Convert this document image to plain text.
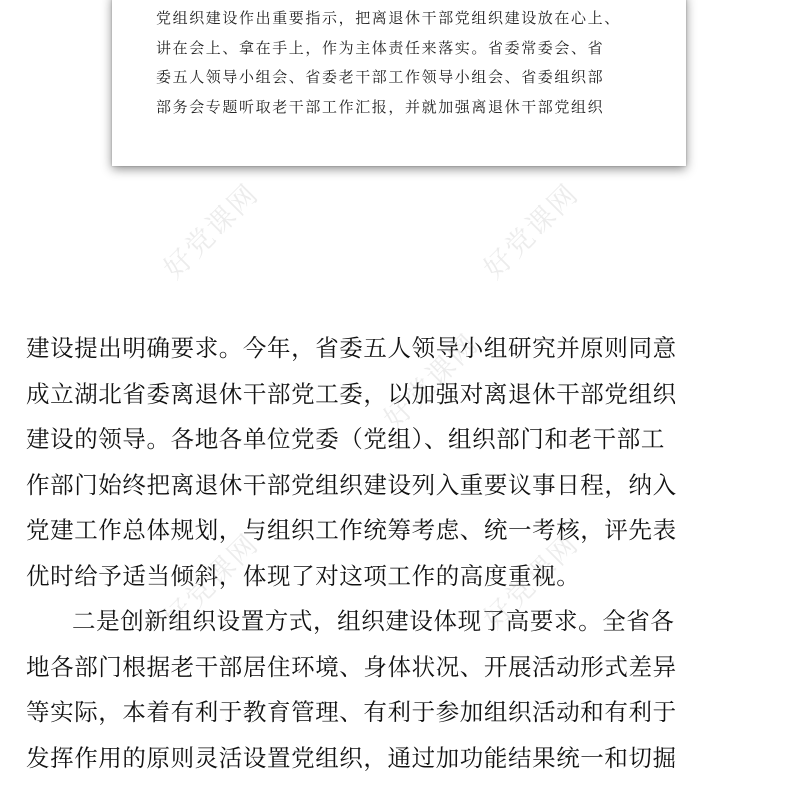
党组织建设作出重要指示，把离退休干部党组织建设放在心上、
讲在会上、拿在手上，作为主体责任来落实。省委常委会、省
委五人领导小组会、省委老干部工作领导小组会、省委组织部
部务会专题听取老干部工作汇报，并就加强离退休干部党组织
建设提出明确要求。今年，省委五人领导小组研究并原则同意
成立湖北省委离退休干部党工委，以加强对离退休干部党组织
建设的领导。各地各单位党委（党组）、组织部门和老干部工
作部门始终把离退休干部党组织建设列入重要议事日程，纳入
党建工作总体规划，与组织工作统筹考虑、统一考核，评先表
优时给予适当倾斜，体现了对这项工作的高度重视。
二是创新组织设置方式，组织建设体现了高要求。全省各
地各部门根据老干部居住环境、身体状况、开展活动形式差异
等实际，本着有利于教育管理、有利于参加组织活动和有利于
发挥作用的原则灵活设置党组织，通过加功能结果统一和切掘
好党课网	好党课网
好党课网
好党课网	好党课网
